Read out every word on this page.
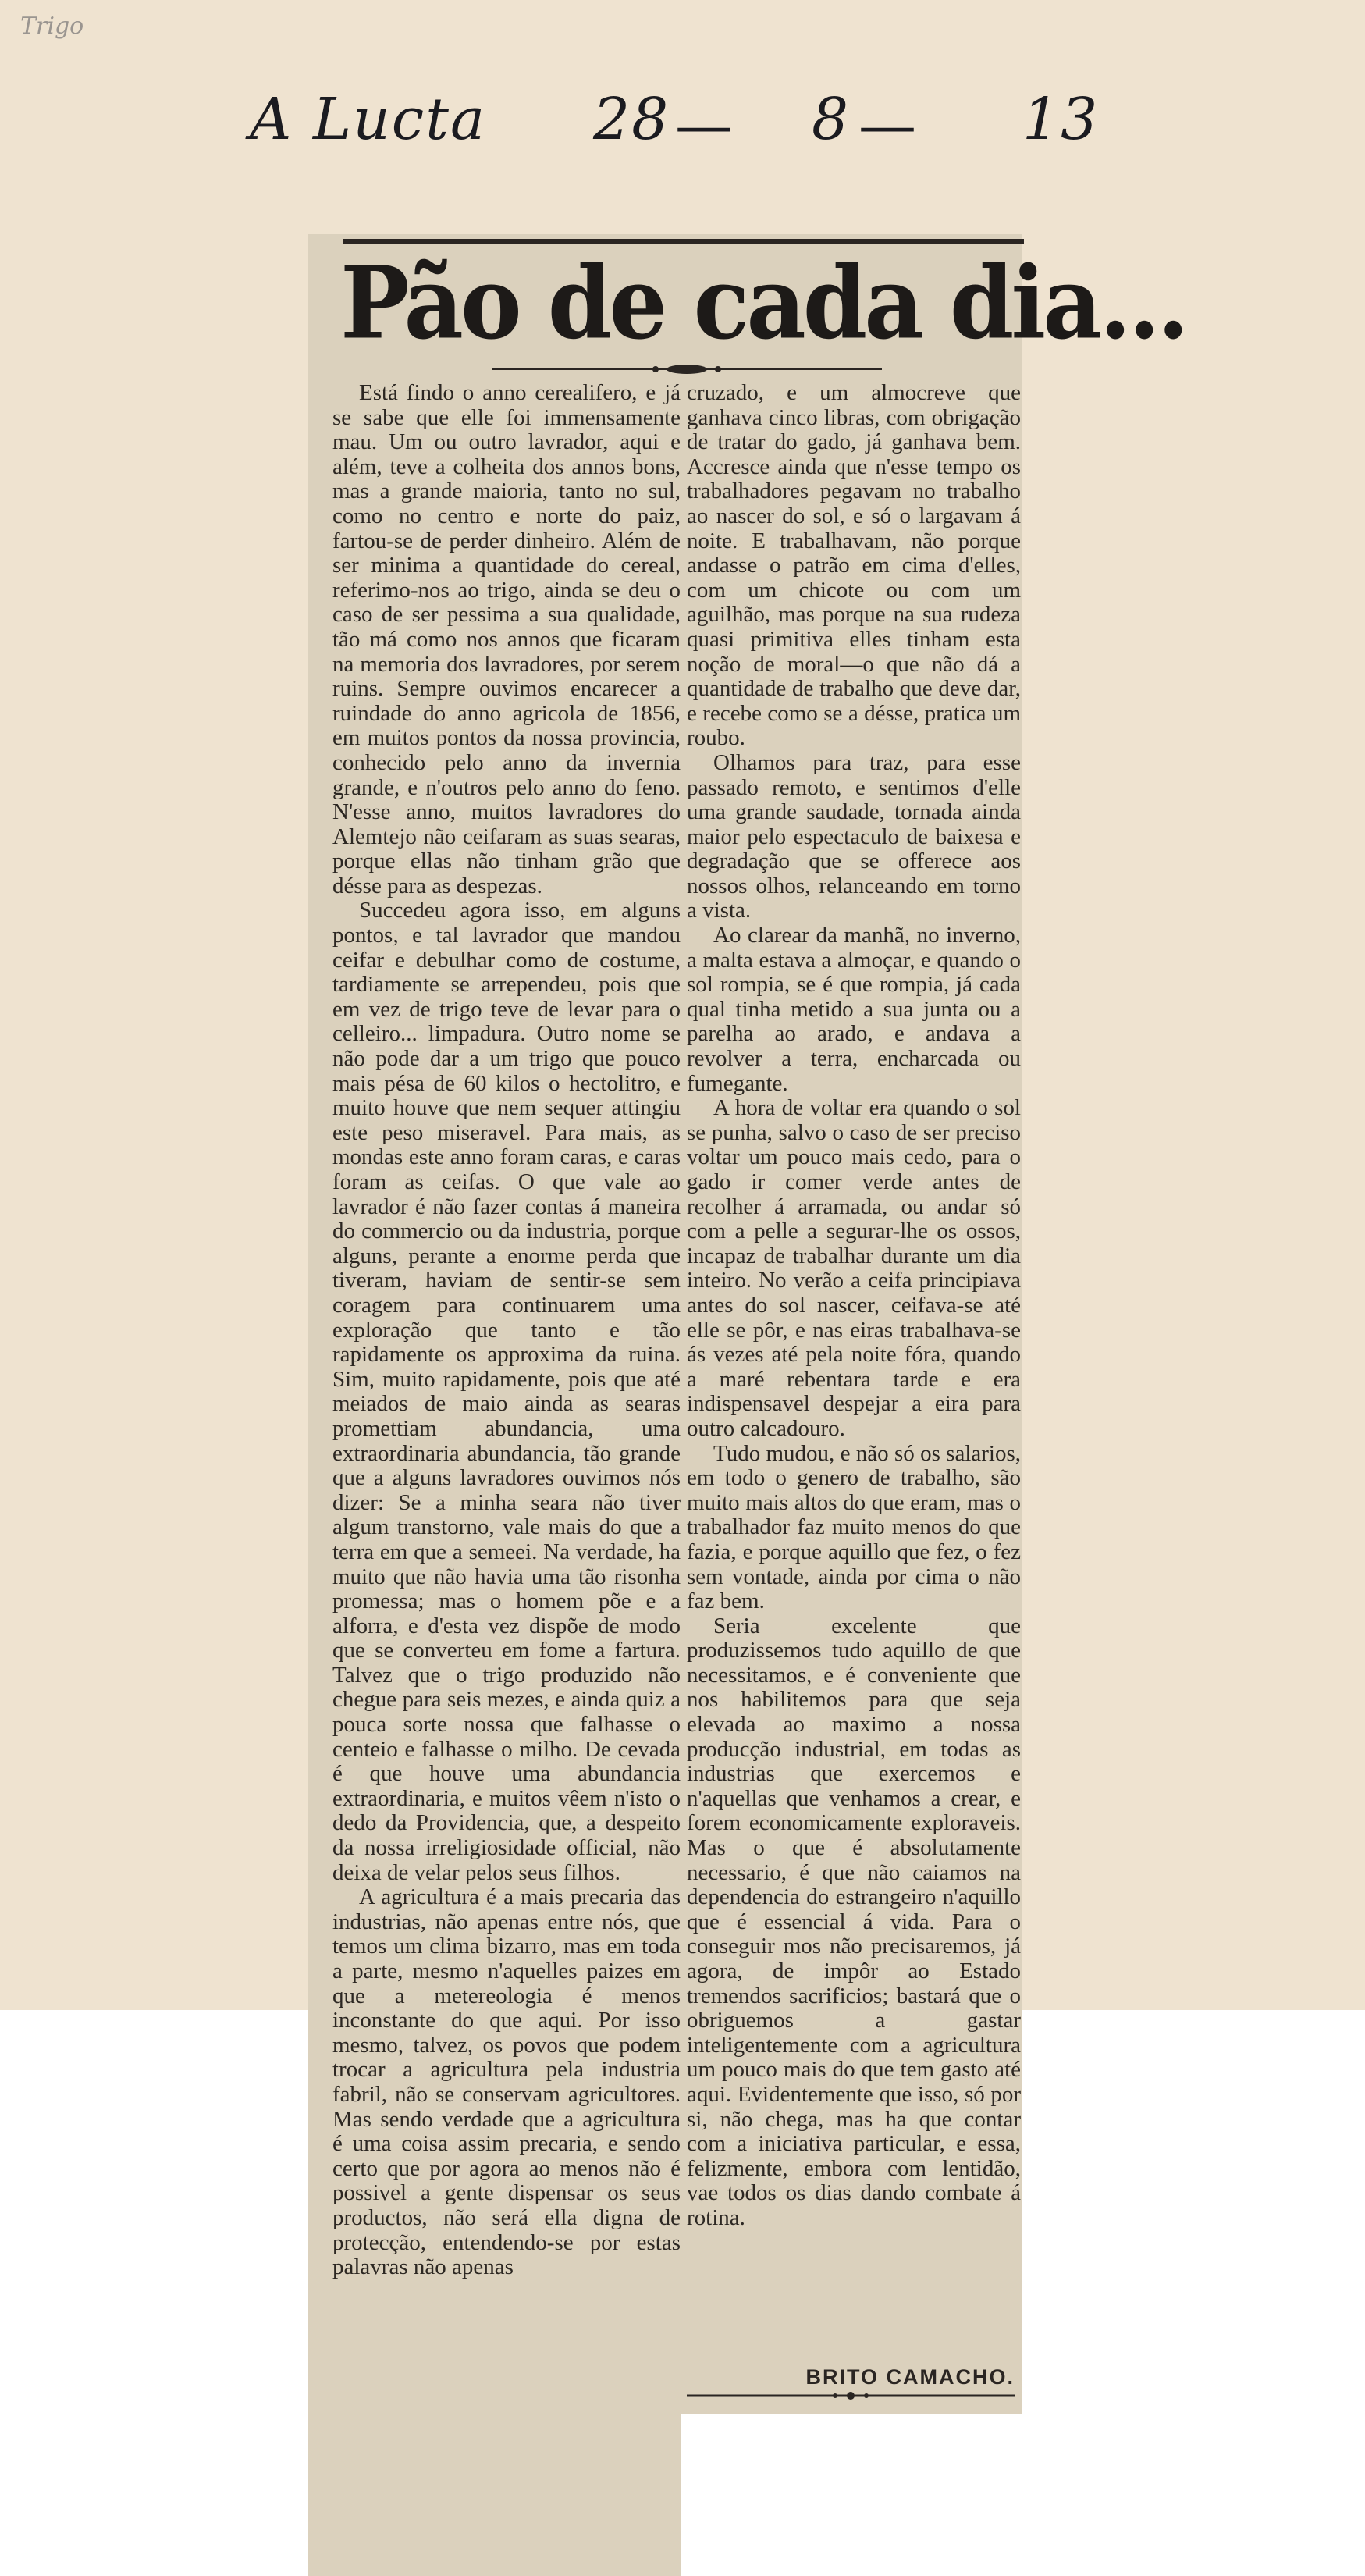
Trigo
A Lucta 28 — 8 — 13
Pão de cada dia...

Está findo o anno cerealifero, e já se sabe que elle foi immensamente mau. Um ou outro lavrador, aqui e além, teve a colheita dos annos bons, mas a grande maioria, tanto no sul, como no centro e norte do paiz, fartou-se de perder dinheiro. Além de ser minima a quantidade do cereal, referimo-nos ao trigo, ainda se deu o caso de ser pessima a sua qualidade, tão má como nos annos que ficaram na memoria dos lavradores, por serem ruins. Sempre ouvimos encarecer a ruindade do anno agricola de 1856, em muitos pontos da nossa provincia, conhecido pelo anno da invernia grande, e n'outros pelo anno do feno. N'esse anno, muitos lavradores do Alemtejo não ceifaram as suas searas, porque ellas não tinham grão que désse para as despezas.

Succedeu agora isso, em alguns pontos, e tal lavrador que mandou ceifar e debulhar como de costume, tardiamente se arrependeu, pois que em vez de trigo teve de levar para o celleiro... limpadura. Outro nome se não pode dar a um trigo que pouco mais pésa de 60 kilos o hectolitro, e muito houve que nem sequer attingiu este peso miseravel. Para mais, as mondas este anno foram caras, e caras foram as ceifas. O que vale ao lavrador é não fazer contas á maneira do commercio ou da industria, porque alguns, perante a enorme perda que tiveram, haviam de sentir-se sem coragem para continuarem uma exploração que tanto e tão rapidamente os approxima da ruina. Sim, muito rapidamente, pois que até meiados de maio ainda as searas promettiam abundancia, uma extraordinaria abundancia, tão grande que a alguns lavradores ouvimos nós dizer: Se a minha seara não tiver algum transtorno, vale mais do que a terra em que a semeei. Na verdade, ha muito que não havia uma tão risonha promessa; mas o homem põe e a alforra, e d'esta vez dispõe de modo que se converteu em fome a fartura. Talvez que o trigo produzido não chegue para seis mezes, e ainda quiz a pouca sorte nossa que falhasse o centeio e falhasse o milho. De cevada é que houve uma abundancia extraordinaria, e muitos vêem n'isto o dedo da Providencia, que, a despeito da nossa irreligiosidade official, não deixa de velar pelos seus filhos.

A agricultura é a mais precaria das industrias, não apenas entre nós, que temos um clima bizarro, mas em toda a parte, mesmo n'aquelles paizes em que a metereologia é menos inconstante do que aqui. Por isso mesmo, talvez, os povos que podem trocar a agricultura pela industria fabril, não se conservam agricultores. Mas sendo verdade que a agricultura é uma coisa assim precaria, e sendo certo que por agora ao menos não é possivel a gente dispensar os seus productos, não será ella digna de protecção, entendendo-se por estas palavras não apenas

cruzado, e um almocreve que ganhava cinco libras, com obrigação de tratar do gado, já ganhava bem. Accresce ainda que n'esse tempo os trabalhadores pegavam no trabalho ao nascer do sol, e só o largavam á noite. E trabalhavam, não porque andasse o patrão em cima d'elles, com um chicote ou com um aguilhão, mas porque na sua rudeza quasi primitiva elles tinham esta noção de moral—o que não dá a quantidade de trabalho que deve dar, e recebe como se a désse, pratica um roubo.

Olhamos para traz, para esse passado remoto, e sentimos d'elle uma grande saudade, tornada ainda maior pelo espectaculo de baixesa e degradação que se offerece aos nossos olhos, relanceando em torno a vista.

Ao clarear da manhã, no inverno, a malta estava a almoçar, e quando o sol rompia, se é que rompia, já cada qual tinha metido a sua junta ou a parelha ao arado, e andava a revolver a terra, encharcada ou fumegante.

A hora de voltar era quando o sol se punha, salvo o caso de ser preciso voltar um pouco mais cedo, para o gado ir comer verde antes de recolher á arramada, ou andar só com a pelle a segurar-lhe os ossos, incapaz de trabalhar durante um dia inteiro. No verão a ceifa principiava antes do sol nascer, ceifava-se até elle se pôr, e nas eiras trabalhava-se ás vezes até pela noite fóra, quando a maré rebentara tarde e era indispensavel despejar a eira para outro calcadouro.

Tudo mudou, e não só os salarios, em todo o genero de trabalho, são muito mais altos do que eram, mas o trabalhador faz muito menos do que fazia, e porque aquillo que fez, o fez sem vontade, ainda por cima o não faz bem.

Seria excelente que produzissemos tudo aquillo de que necessitamos, e é conveniente que nos habilitemos para que seja elevada ao maximo a nossa producção industrial, em todas as industrias que exercemos e n'aquellas que venhamos a crear, e forem economicamente exploraveis. Mas o que é absolutamente necessario, é que não caiamos na dependencia do estrangeiro n'aquillo que é essencial á vida. Para o conseguir mos não precisaremos, já agora, de impôr ao Estado tremendos sacrificios; bastará que o obriguemos a gastar inteligentemente com a agricultura um pouco mais do que tem gasto até aqui. Evidentemente que isso, só por si, não chega, mas ha que contar com a iniciativa particular, e essa, felizmente, embora com lentidão, vae todos os dias dando combate á rotina.

BRITO CAMACHO.
